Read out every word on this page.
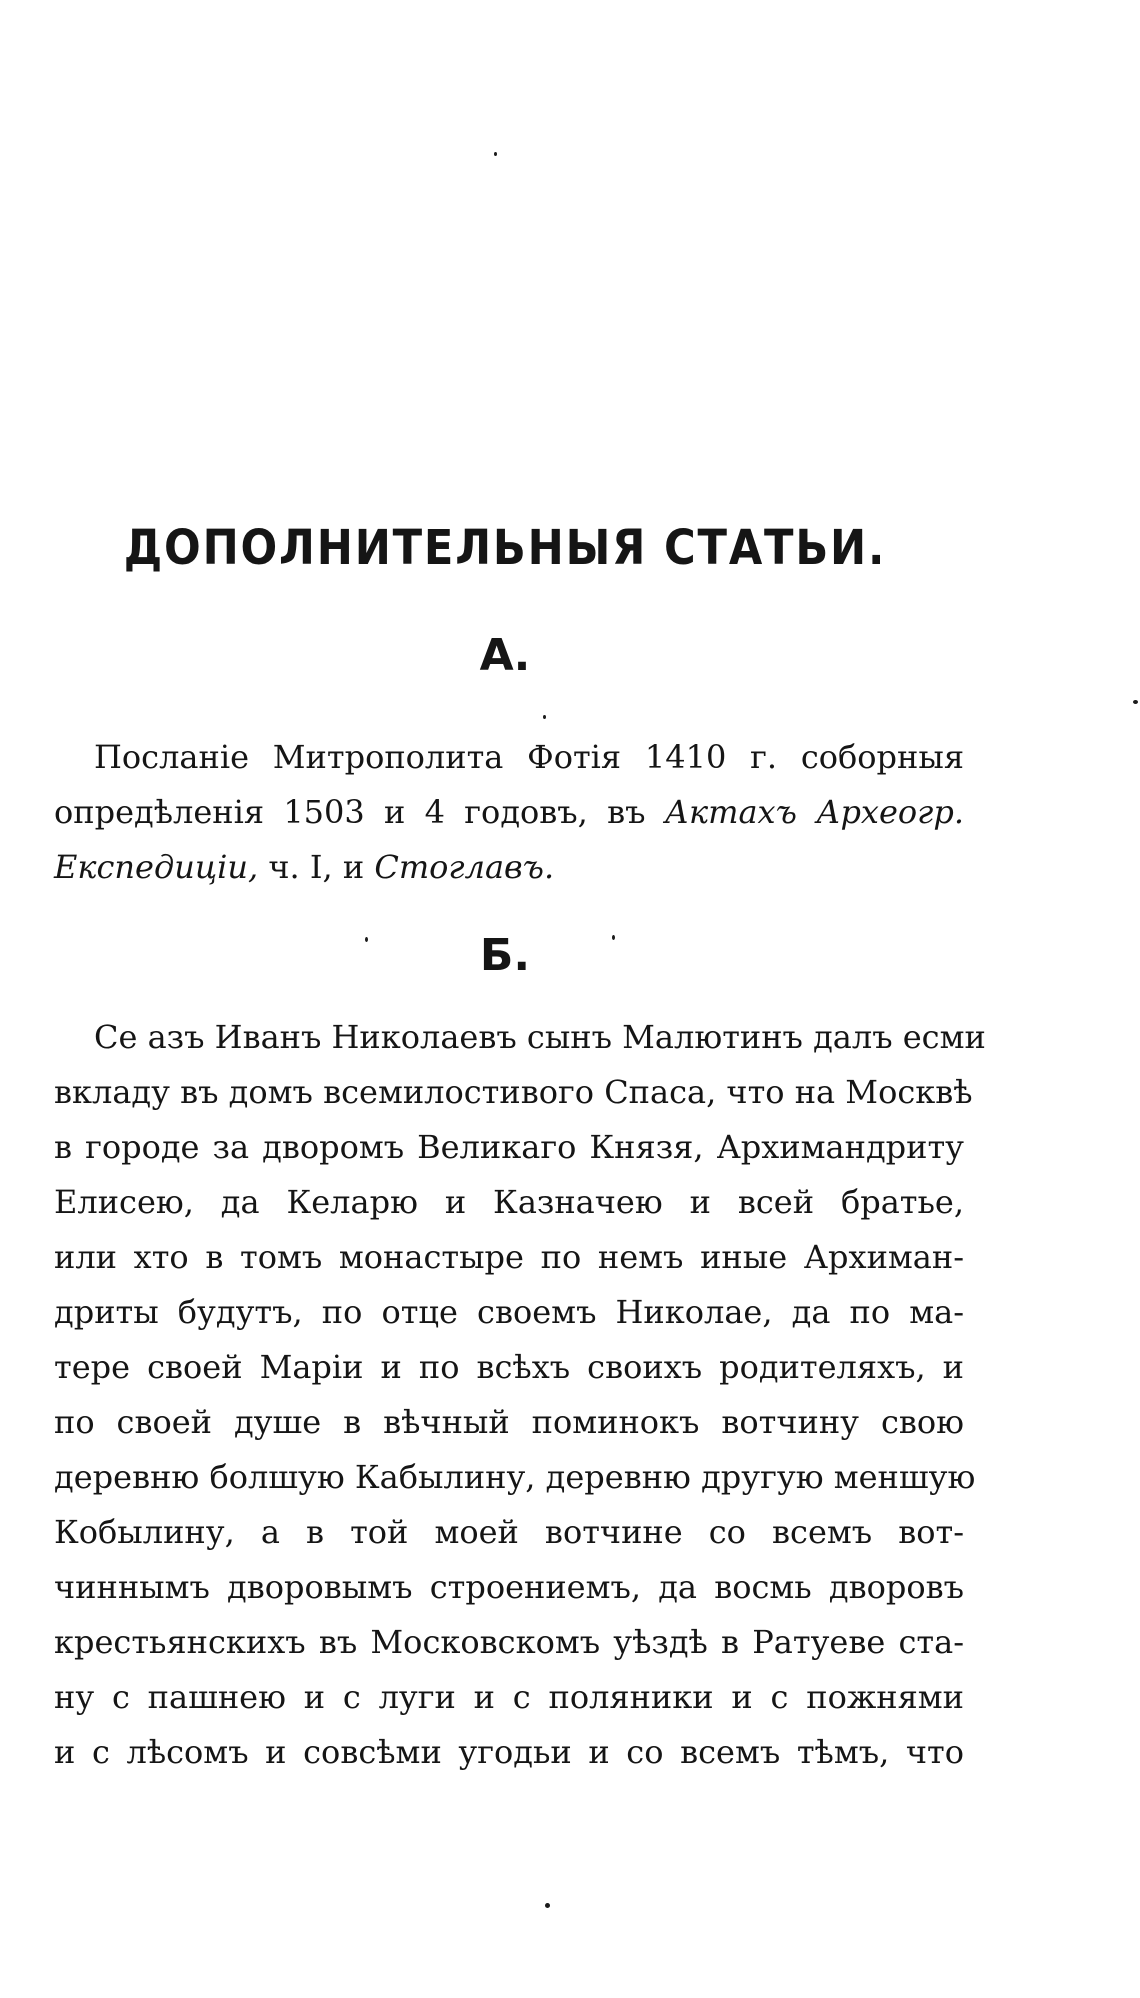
ДОПОЛНИТЕЛЬНЫЯ СТАТЬИ.
А.
Посланіе Митрополита Фотія 1410 г. соборныя
опредѣленія 1503 и 4 годовъ, въ Актахъ Археогр.
Експедиціи, ч. I, и Стоглавъ.
Б.
Се азъ Иванъ Николаевъ сынъ Малютинъ далъ есми
вкладу въ домъ всемилостивого Спаса, что на Москвѣ
в городе за дворомъ Великаго Князя, Архимандриту
Елисею, да Келарю и Казначею и всей братье,
или хто в томъ монастыре по немъ иные Архиман-
дриты будутъ, по отце своемъ Николае, да по ма-
тере своей Маріи и по всѣхъ своихъ родителяхъ, и
по своей душе в вѣчный поминокъ вотчину свою
деревню болшую Кабылину, деревню другую меншую
Кобылину, а в той моей вотчине со всемъ вот-
чиннымъ дворовымъ строениемъ, да восмь дворовъ
крестьянскихъ въ Московскомъ уѣздѣ в Ратуеве ста-
ну с пашнею и с луги и с поляники и с пожнями
и с лѣсомъ и совсѣми угодьи и со всемъ тѣмъ, что
